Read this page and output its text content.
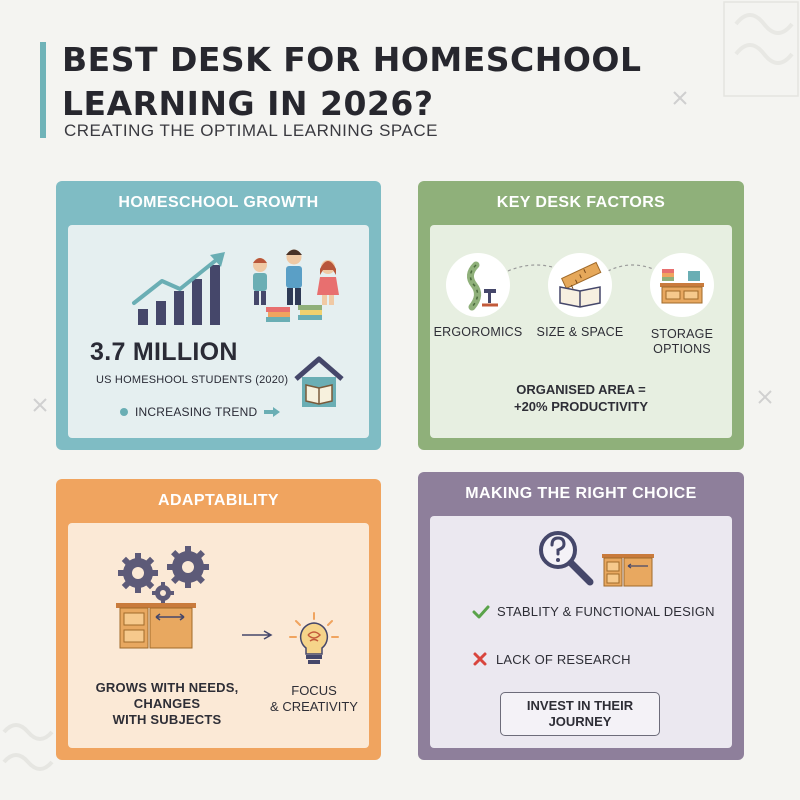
BEST DESK FOR HOMESCHOOL
LEARNING IN 2026?
CREATING THE OPTIMAL LEARNING SPACE
HOMESCHOOL GROWTH
3.7 MILLION
US HOMESHOOL STUDENTS (2020)
INCREASING TREND
KEY DESK FACTORS
ERGOROMICS	SIZE & SPACE	STORAGE
OPTIONS
ORGANISED AREA =
+20% PRODUCTIVITY
ADAPTABILITY
GROWS WITH NEEDS,
CHANGES
WITH SUBJECTS
FOCUS
& CREATIVITY
MAKING THE RIGHT CHOICE
STABLITY & FUNCTIONAL DESIGN
LACK OF RESEARCH
INVEST IN THEIR
JOURNEY
